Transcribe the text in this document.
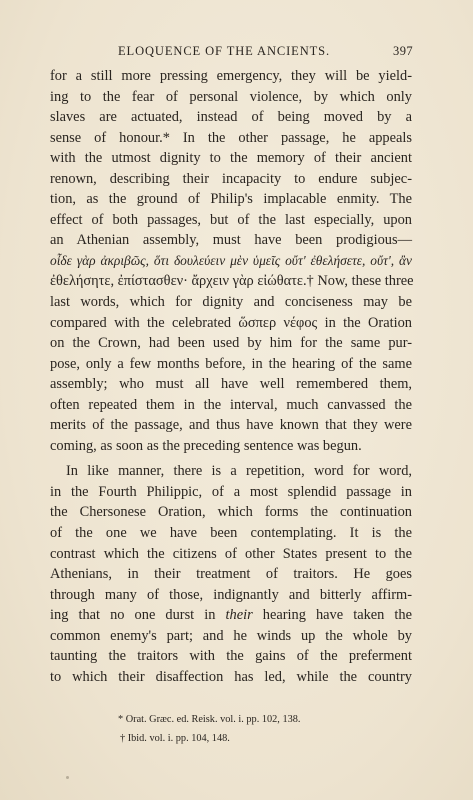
ELOQUENCE OF THE ANCIENTS.	397
for a still more pressing emergency, they will be yield-
ing to the fear of personal violence, by which only
slaves are actuated, instead of being moved by a
sense of honour.* In the other passage, he appeals
with the utmost dignity to the memory of their ancient
renown, describing their incapacity to endure subjec-
tion, as the ground of Philip's implacable enmity. The
effect of both passages, but of the last especially, upon
an Athenian assembly, must have been prodigious—
οἶδε γὰρ ἀκριβῶς, ὅτι δουλεύειν μὲν ὑμεῖς οὔτ' ἐθελήσετε, οὔτ', ἂν
ἐθελήσητε, ἐπίστασθεν· ἄρχειν γὰρ εἰώθατε.† Now, these three
last words, which for dignity and conciseness may be
compared with the celebrated ὥσπερ νέφος in the Oration
on the Crown, had been used by him for the same pur-
pose, only a few months before, in the hearing of the same
assembly; who must all have well remembered them,
often repeated them in the interval, much canvassed the
merits of the passage, and thus have known that they were
coming, as soon as the preceding sentence was begun.
In like manner, there is a repetition, word for word,
in the Fourth Philippic, of a most splendid passage in
the Chersonese Oration, which forms the continuation
of the one we have been contemplating. It is the
contrast which the citizens of other States present to the
Athenians, in their treatment of traitors. He goes
through many of those, indignantly and bitterly affirm-
ing that no one durst in their hearing have taken the
common enemy's part; and he winds up the whole by
taunting the traitors with the gains of the preferment
to which their disaffection has led, while the country
* Orat. Græc. ed. Reisk. vol. i. pp. 102, 138.
† Ibid. vol. i. pp. 104, 148.
